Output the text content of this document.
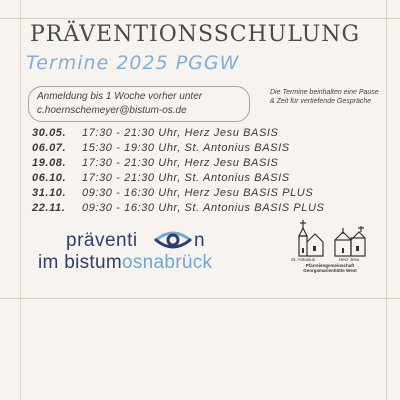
PRÄVENTIONSSCHULUNG
Termine 2025 PGGW
Anmeldung bis 1 Woche vorher unter
c.hoernschemeyer@bistum-os.de
Die Termine beinhalten eine Pause & Zeit für vertiefende Gespräche
30.05. 17:30 - 21:30 Uhr, Herz Jesu BASIS
06.07. 15:30 - 19:30 Uhr, St. Antonius BASIS
19.08. 17:30 - 21:30 Uhr, Herz Jesu BASIS
06.10. 17:30 - 21:30 Uhr, St. Antonius BASIS
31.10. 09:30 - 16:30 Uhr, Herz Jesu BASIS PLUS
22.11. 09:30 - 16:30 Uhr, St. Antonius BASIS PLUS
präventi	n
im bistumosnabrück	St. Antonius	Herz Jesu
Pfarreiengemeinschaft
Georgsmarienhütte West
